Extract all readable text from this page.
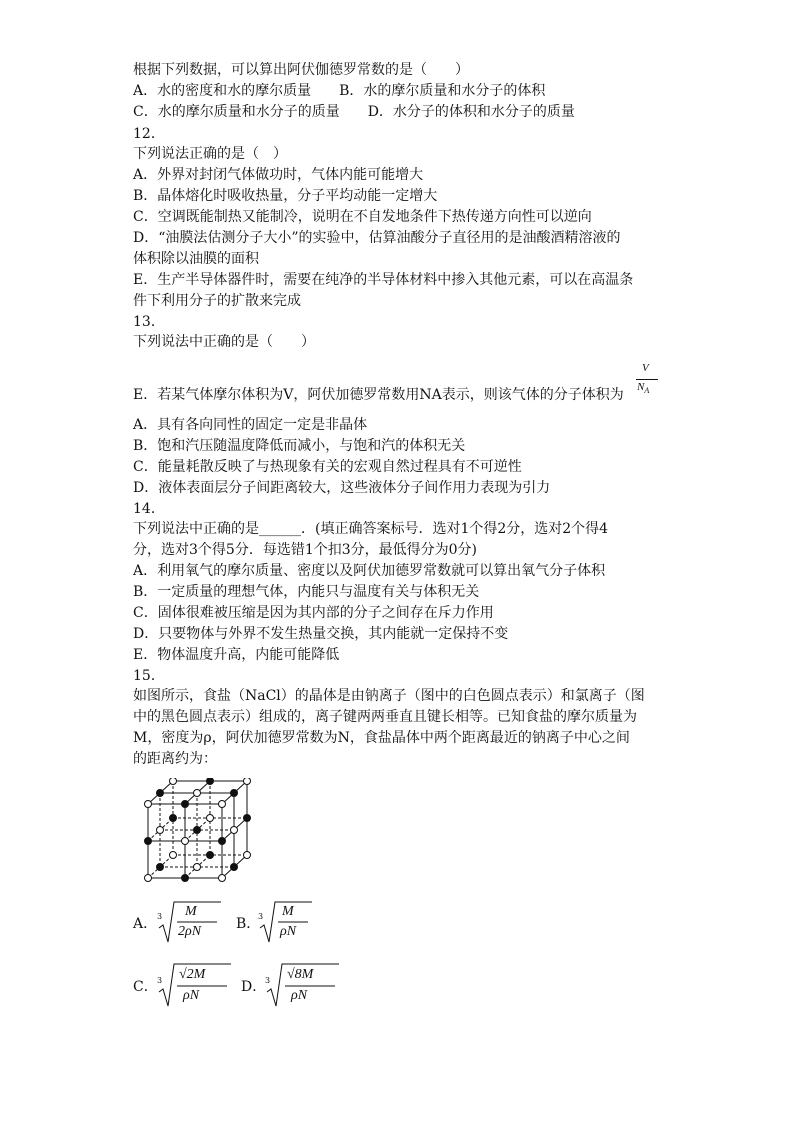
根据下列数据，可以算出阿伏伽德罗常数的是（　　）
A．水的密度和水的摩尔质量　　B．水的摩尔质量和水分子的体积
C．水的摩尔质量和水分子的质量　　D．水分子的体积和水分子的质量
12．
下列说法正确的是（　）
A．外界对封闭气体做功时，气体内能可能增大
B．晶体熔化时吸收热量，分子平均动能一定增大
C．空调既能制热又能制冷，说明在不自发地条件下热传递方向性可以逆向
D．“油膜法估测分子大小”的实验中，估算油酸分子直径用的是油酸酒精溶液的
体积除以油膜的面积
E．生产半导体器件时，需要在纯净的半导体材料中掺入其他元素，可以在高温条
件下利用分子的扩散来完成
13．
下列说法中正确的是（　　）
E．若某气体摩尔体积为V，阿伏加德罗常数用NA表示，则该气体的分子体积为
V
$N_A$
A．具有各向同性的固定一定是非晶体
B．饱和汽压随温度降低而减小，与饱和汽的体积无关
C．能量耗散反映了与热现象有关的宏观自然过程具有不可逆性
D．液体表面层分子间距离较大，这些液体分子间作用力表现为引力
14．
下列说法中正确的是______．(填正确答案标号．选对1个得2分，选对2个得4
分，选对3个得5分．每选错1个扣3分，最低得分为0分)
A．利用氧气的摩尔质量、密度以及阿伏加德罗常数就可以算出氧气分子体积
B．一定质量的理想气体，内能只与温度有关与体积无关
C．固体很难被压缩是因为其内部的分子之间存在斥力作用
D．只要物体与外界不发生热量交换，其内能就一定保持不变
E．物体温度升高，内能可能降低
15．
如图所示，食盐（NaCl）的晶体是由钠离子（图中的白色圆点表示）和氯离子（图
中的黑色圆点表示）组成的，离子键两两垂直且键长相等。已知食盐的摩尔质量为
M，密度为ρ，阿伏加德罗常数为N，食盐晶体中两个距离最近的钠离子中心之间
的距离约为：
A． 3 M
2ρN B．
3 M
ρN
C． 3 √2M
ρN
D．
3 √8M
ρN
